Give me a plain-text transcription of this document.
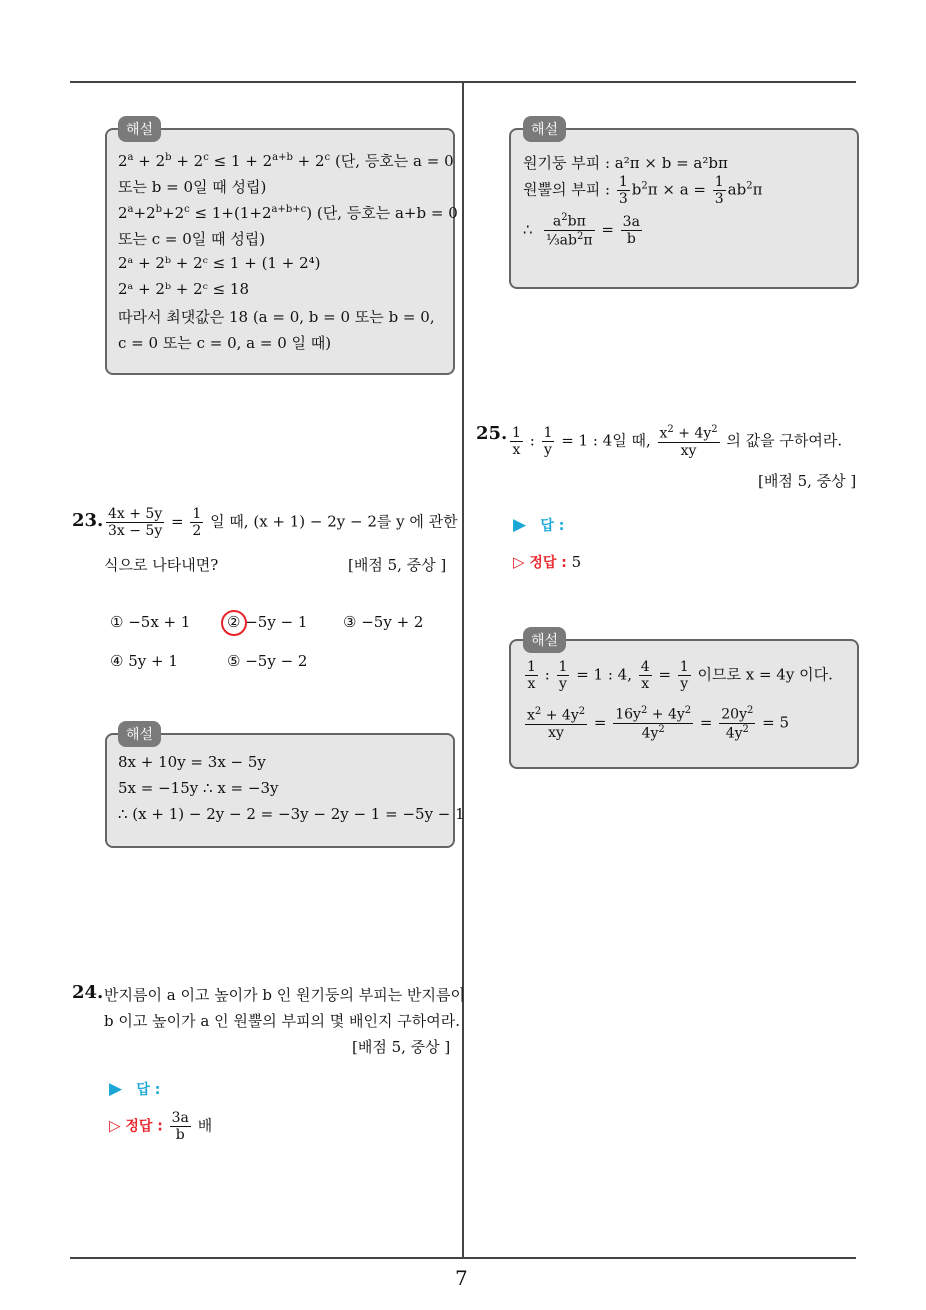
7
$2^a + 2^b + 2^c \le 1 + 2^{a+b} + 2^c$ (단, 등호는 a = 0
또는 b = 0일 때 성립)
$2^a+2^b+2^c \le 1+(1+2^{a+b+c})$ (단, 등호는 a+b = 0
또는 c = 0일 때 성립)
2ᵃ + 2ᵇ + 2ᶜ ≤ 1 + (1 + 2⁴)
2ᵃ + 2ᵇ + 2ᶜ ≤ 18
따라서 최댓값은 18 (a = 0, b = 0 또는 b = 0,
c = 0 또는 c = 0, a = 0 일 때)
해설
23. $\frac{4x + 5y}{3x - 5y} = \frac{1}{2}$ 일 때, (x + 1) − 2y − 2를 y 에 관한
식으로 나타내면?	[배점 5, 중상 ]
① −5x + 1 ② −5y − 1 ③ −5y + 2
④ 5y + 1	⑤ −5y − 2
8x + 10y = 3x − 5y
5x = −15y ∴ x = −3y
∴ (x + 1) − 2y − 2 = −3y − 2y − 1 = −5y − 1
해설
24. 반지름이 a 이고 높이가 b 인 원기둥의 부피는 반지름이
b 이고 높이가 a 인 원뿔의 부피의 몇 배인지 구하여라.
[배점 5, 중상 ]
▶ 답 :
▷ 정답 : $\frac{3a}{b}$ 배
원기둥 부피 : a²π × b = a²bπ
원뿔의 부피 : $\frac{1}{3} b^2\pi \times a = \frac{1}{3} ab^2\pi$
∴ $\frac{a^2b\pi}{\frac{1}{3}ab^2\pi} = \frac{3a}{b}$
해설
25. $\frac{1}{x}$ : $\frac{1}{y} = 1$ : 4일 때, $\frac{x^2 + 4y^2}{xy}$ 의 값을 구하여라.
[배점 5, 중상 ]
▶ 답 :
▷ 정답 : 5
$\frac{1}{x}$ : $\frac{1}{y} = 1$ : 4, $\frac{4}{x} = \frac{1}{y}$ 이므로 x = 4y 이다.
$\frac{x^2 + 4y^2}{xy} = \frac{16y^2 + 4y^2}{4y^2} = \frac{20y^2}{4y^2} = 5$
해설
